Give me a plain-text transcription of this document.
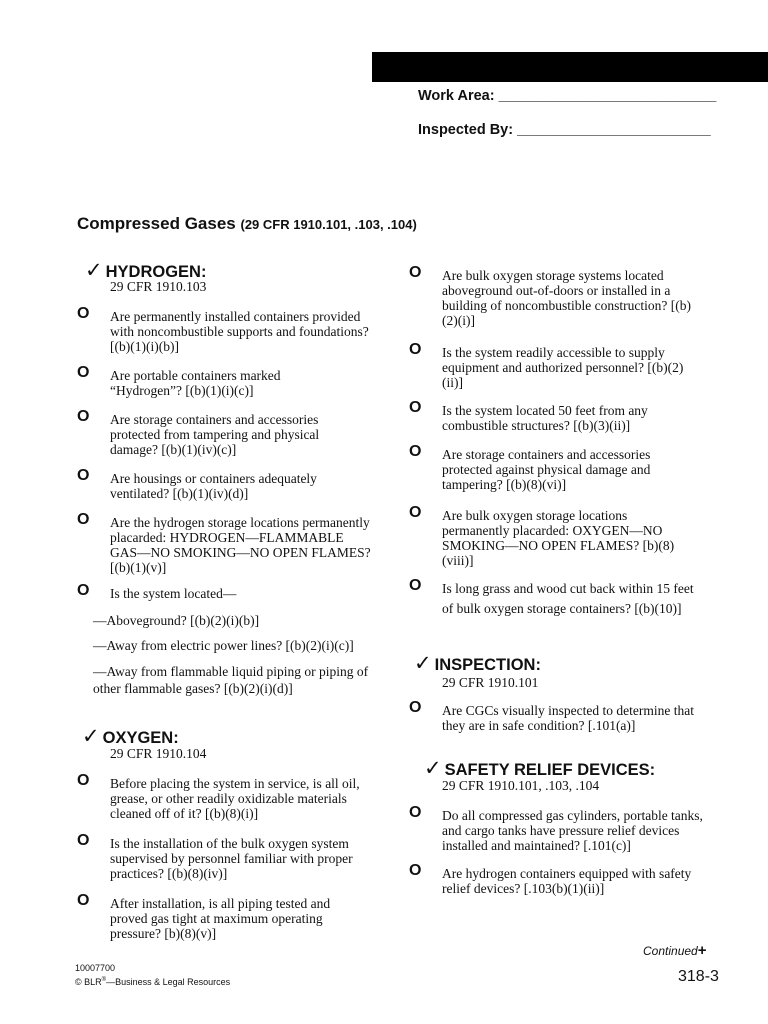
Work Area: ___________________________
Inspected By: ________________________
Compressed Gases (29 CFR 1910.101, .103, .104)
✓ HYDROGEN:
29 CFR 1910.103
O Are permanently installed containers provided with noncombustible supports and foundations? [(b)(1)(i)(b)]
O Are portable containers marked “Hydrogen”? [(b)(1)(i)(c)]
O Are storage containers and accessories protected from tampering and physical damage? [(b)(1)(iv)(c)]
O Are housings or containers adequately ventilated? [(b)(1)(iv)(d)]
O Are the hydrogen storage locations permanently placarded: HYDROGEN—FLAMMABLE GAS—NO SMOKING—NO OPEN FLAMES? [(b)(1)(v)]
O Is the system located—
—Aboveground? [(b)(2)(i)(b)]
—Away from electric power lines? [(b)(2)(i)(c)]
—Away from flammable liquid piping or piping of other flammable gases? [(b)(2)(i)(d)]
✓ OXYGEN:
29 CFR 1910.104
O Before placing the system in service, is all oil, grease, or other readily oxidizable materials cleaned off of it? [(b)(8)(i)]
O Is the installation of the bulk oxygen system supervised by personnel familiar with proper practices? [(b)(8)(iv)]
O After installation, is all piping tested and proved gas tight at maximum operating pressure? [b)(8)(v)]
O Are bulk oxygen storage systems located aboveground out-of-doors or installed in a building of noncombustible construction? [(b)(2)(i)]
O Is the system readily accessible to supply equipment and authorized personnel? [(b)(2)(ii)]
O Is the system located 50 feet from any combustible structures? [(b)(3)(ii)]
O Are storage containers and accessories protected against physical damage and tampering? [(b)(8)(vi)]
O Are bulk oxygen storage locations permanently placarded: OXYGEN—NO SMOKING—NO OPEN FLAMES? [b)(8)(viii)]
O Is long grass and wood cut back within 15 feet of bulk oxygen storage containers? [(b)(10)]
✓ INSPECTION:
29 CFR 1910.101
O Are CGCs visually inspected to determine that they are in safe condition? [.101(a)]
✓ SAFETY RELIEF DEVICES:
29 CFR 1910.101, .103, .104
O Do all compressed gas cylinders, portable tanks, and cargo tanks have pressure relief devices installed and maintained? [.101(c)]
O Are hydrogen containers equipped with safety relief devices? [.103(b)(1)(ii)]
Continued+
10007700
© BLR®—Business & Legal Resources	318-3
